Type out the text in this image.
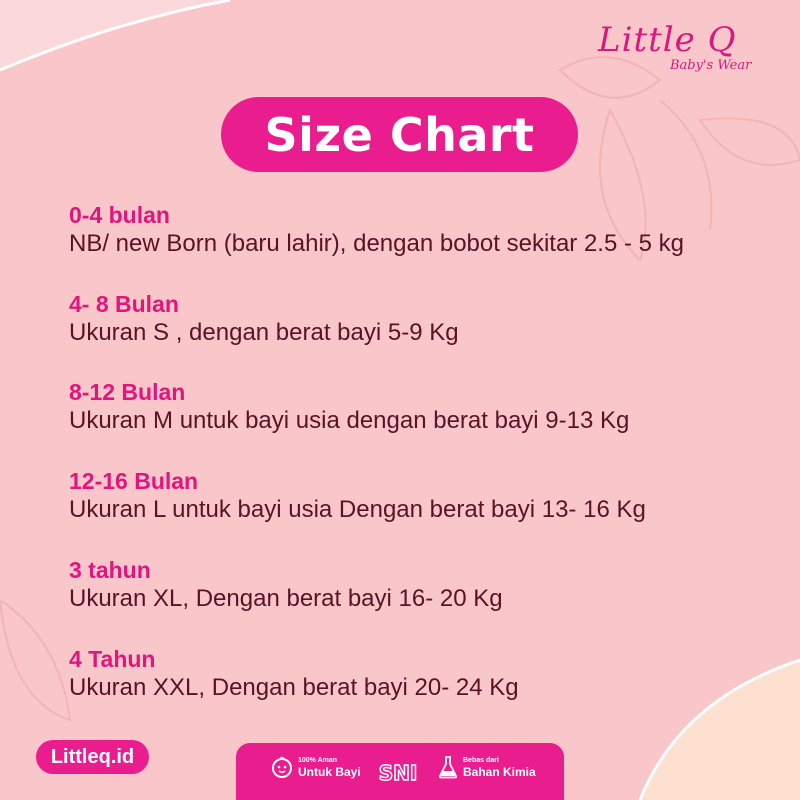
Little Q
Baby's Wear
Size Chart
0-4 bulan
NB/ new Born (baru lahir), dengan bobot sekitar 2.5 - 5 kg
4- 8 Bulan
Ukuran S , dengan berat bayi 5-9 Kg
8-12 Bulan
Ukuran M untuk bayi usia dengan berat bayi 9-13 Kg
12-16 Bulan
Ukuran L untuk bayi usia Dengan berat bayi 13- 16 Kg
3 tahun
Ukuran XL, Dengan berat bayi 16- 20 Kg
4 Tahun
Ukuran XXL, Dengan berat bayi 20- 24 Kg
Littleq.id	100% Aman
Untuk Bayi SNI
Bebas dari
Bahan Kimia
